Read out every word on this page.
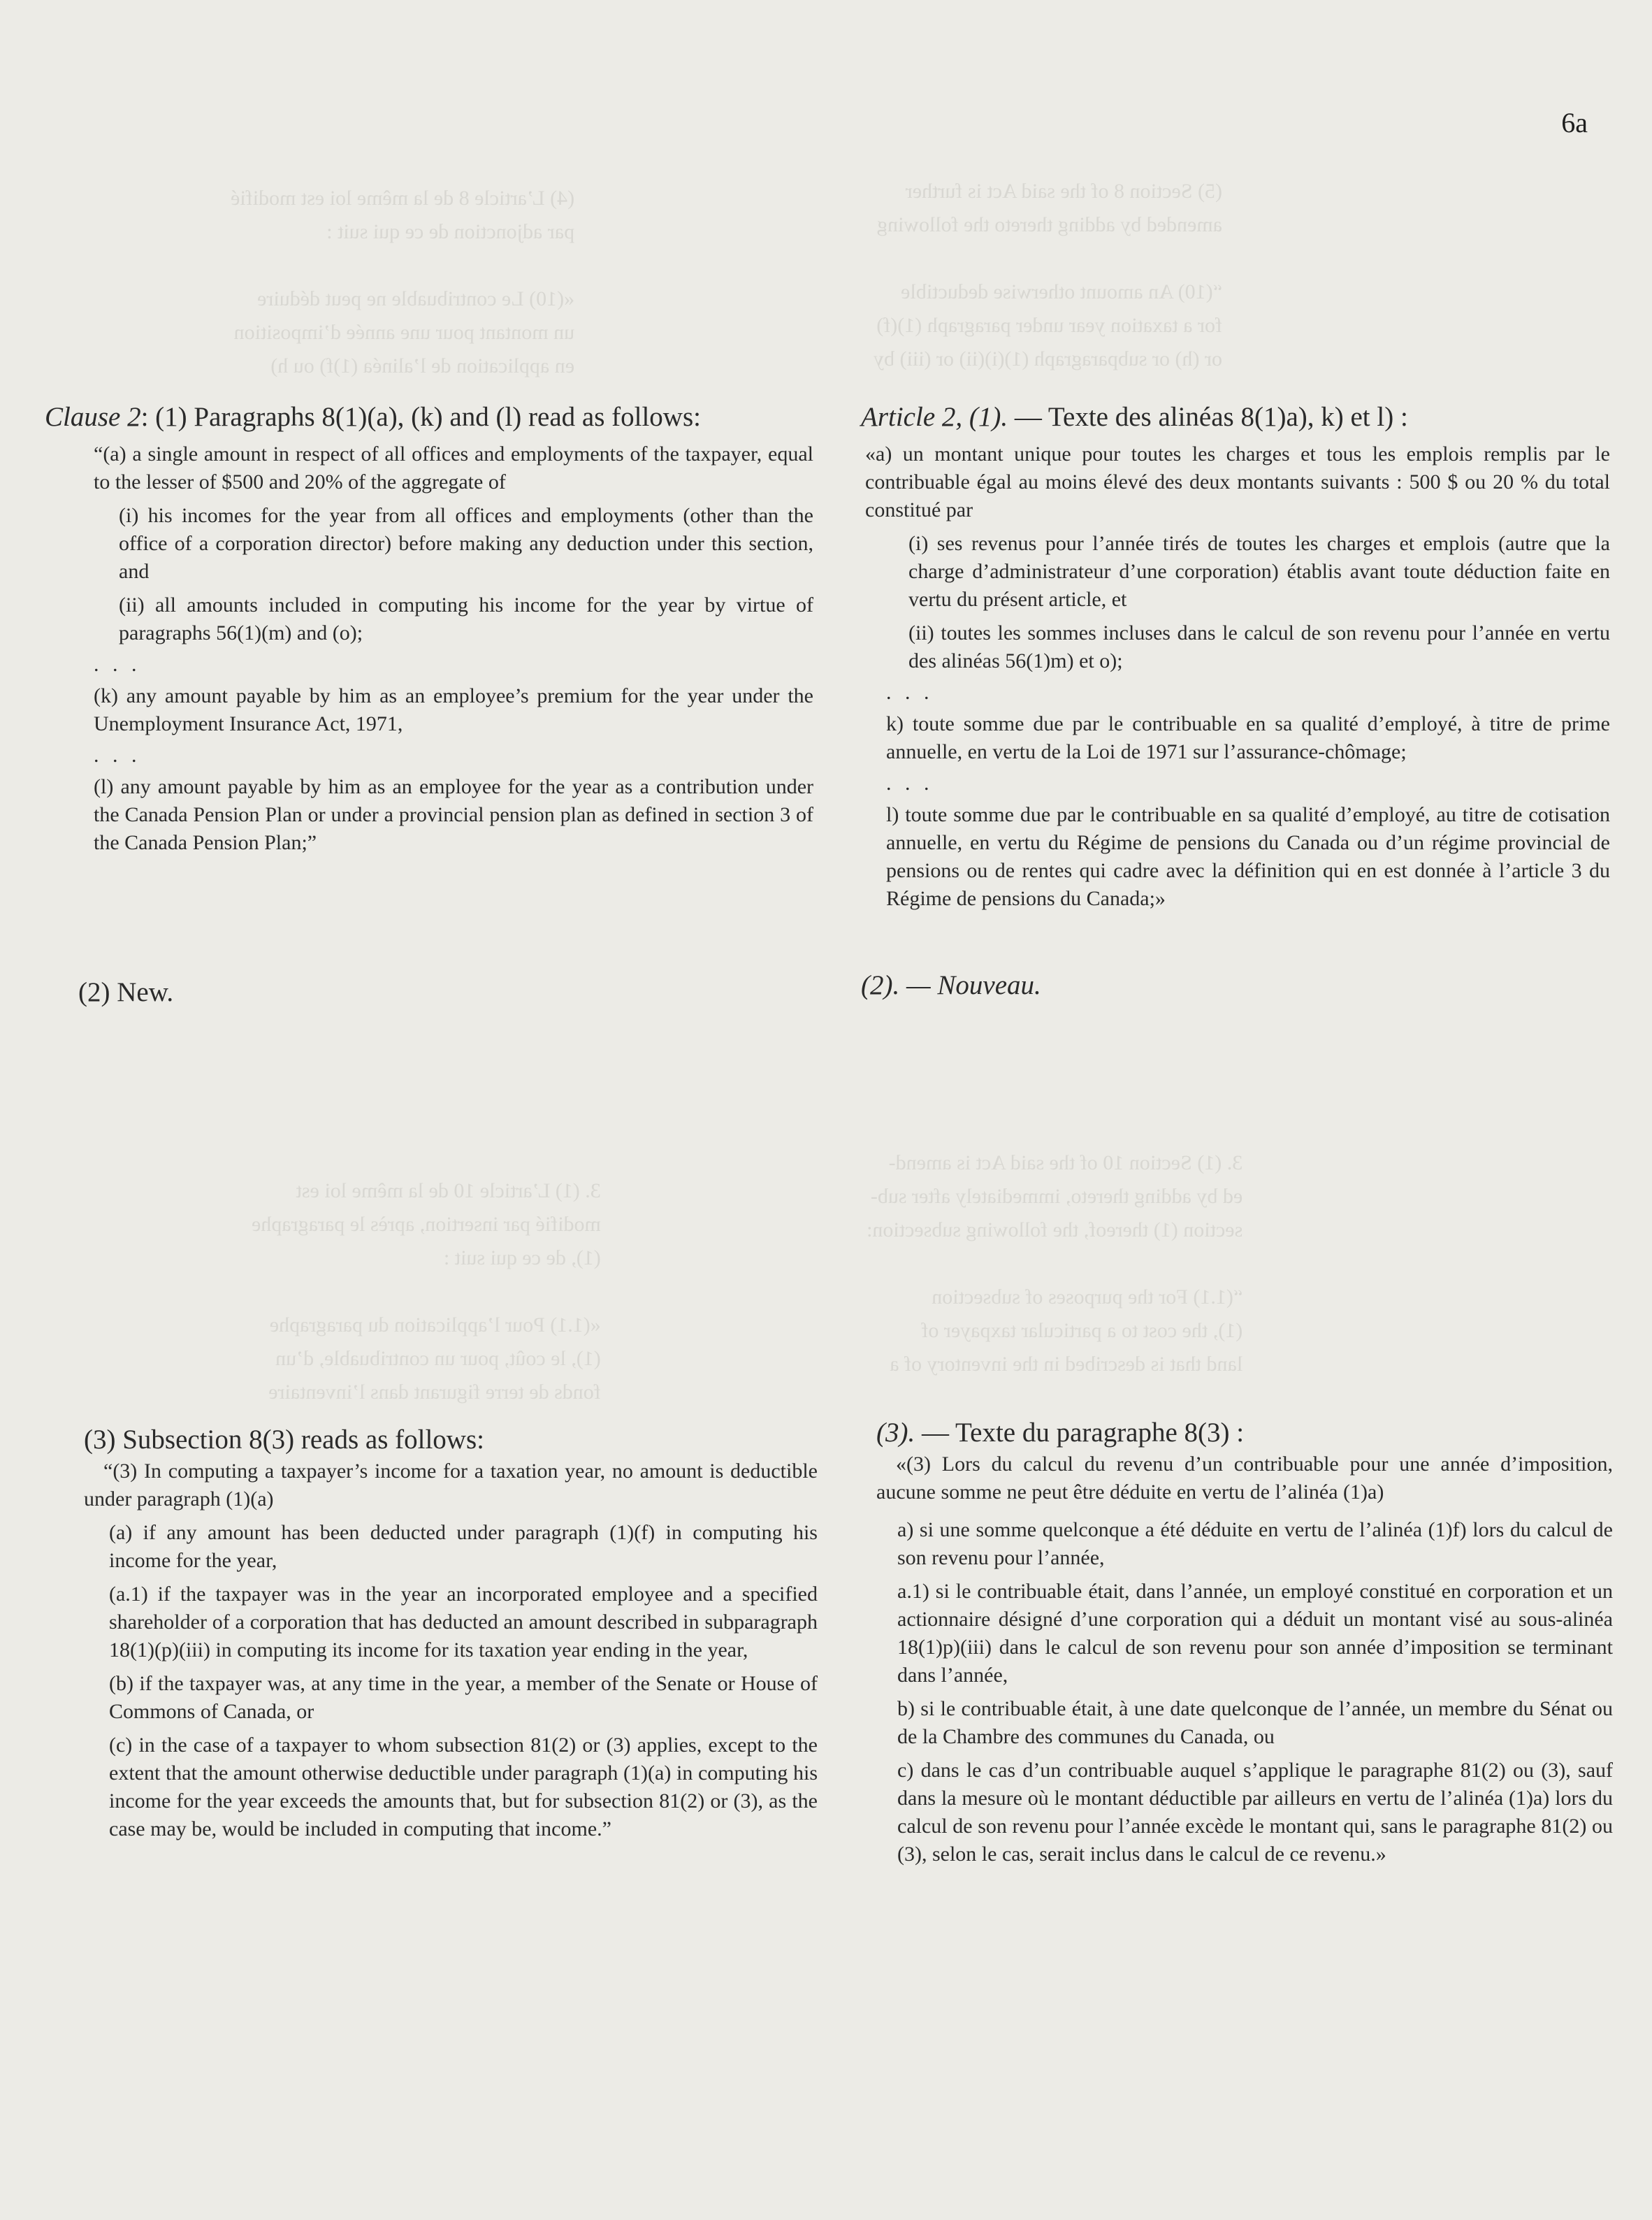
(5) Section 8 of the said Act is further
amended by adding thereto the following

“(10) An amount otherwise deductible
for a taxation year under paragraph (1)(f)
or (h) or subparagraph (1)(i)(ii) or (iii) by
(4) L’article 8 de la même loi est modifié
par adjonction de ce qui suit :

«(10) Le contribuable ne peut déduire
un montant pour une année d’imposition
en application de l’alinéa (1)f) ou h)
3. (1) Section 10 of the said Act is amend-
ed by adding thereto, immediately after sub-
section (1) thereof, the following subsection:

“(1.1) For the purposes of subsection
(1), the cost to a particular taxpayer of
land that is described in the inventory of a
3. (1) L’article 10 de la même loi est
modifié par insertion, après le paragraphe
(1), de ce qui suit :

«(1.1) Pour l’application du paragraphe
(1), le coût, pour un contribuable, d’un
fonds de terre figurant dans l’inventaire
6a

Clause 2: (1) Paragraphs 8(1)(a), (k) and (l) read as follows:

“(a) a single amount in respect of all offices and employments of the taxpayer, equal to the lesser of $500 and 20% of the aggregate of

(i) his incomes for the year from all offices and employments (other than the office of a corporation director) before making any deduction under this section, and

(ii) all amounts included in computing his income for the year by virtue of paragraphs 56(1)(m) and (o);

. . .

(k) any amount payable by him as an employee’s premium for the year under the Unemployment Insurance Act, 1971,

. . .

(l) any amount payable by him as an employee for the year as a contribution under the Canada Pension Plan or under a provincial pension plan as defined in section 3 of the Canada Pension Plan;”

(2) New.

Article 2, (1). — Texte des alinéas 8(1)a), k) et l) :

«a) un montant unique pour toutes les charges et tous les emplois remplis par le contribuable égal au moins élevé des deux montants suivants : 500 $ ou 20 % du total constitué par

(i) ses revenus pour l’année tirés de toutes les charges et emplois (autre que la charge d’administrateur d’une corporation) établis avant toute déduction faite en vertu du présent article, et

(ii) toutes les sommes incluses dans le calcul de son revenu pour l’année en vertu des alinéas 56(1)m) et o);

. . .

k) toute somme due par le contribuable en sa qualité d’employé, à titre de prime annuelle, en vertu de la Loi de 1971 sur l’assurance-chômage;

. . .

l) toute somme due par le contribuable en sa qualité d’employé, au titre de cotisation annuelle, en vertu du Régime de pensions du Canada ou d’un régime provincial de pensions ou de rentes qui cadre avec la définition qui en est donnée à l’article 3 du Régime de pensions du Canada;»

(2). — Nouveau.

(3) Subsection 8(3) reads as follows:

“(3) In computing a taxpayer’s income for a taxation year, no amount is deductible under paragraph (1)(a)

(a) if any amount has been deducted under paragraph (1)(f) in computing his income for the year,

(a.1) if the taxpayer was in the year an incorporated employee and a specified shareholder of a corporation that has deducted an amount described in subparagraph 18(1)(p)(iii) in computing its income for its taxation year ending in the year,

(b) if the taxpayer was, at any time in the year, a member of the Senate or House of Commons of Canada, or

(c) in the case of a taxpayer to whom subsection 81(2) or (3) applies, except to the extent that the amount otherwise deductible under paragraph (1)(a) in computing his income for the year exceeds the amounts that, but for subsection 81(2) or (3), as the case may be, would be included in computing that income.”

(3). — Texte du paragraphe 8(3) :

«(3) Lors du calcul du revenu d’un contribuable pour une année d’imposition, aucune somme ne peut être déduite en vertu de l’alinéa (1)a)

a) si une somme quelconque a été déduite en vertu de l’alinéa (1)f) lors du calcul de son revenu pour l’année,

a.1) si le contribuable était, dans l’année, un employé constitué en corporation et un actionnaire désigné d’une corporation qui a déduit un montant visé au sous-alinéa 18(1)p)(iii) dans le calcul de son revenu pour son année d’imposition se terminant dans l’année,

b) si le contribuable était, à une date quelconque de l’année, un membre du Sénat ou de la Chambre des communes du Canada, ou

c) dans le cas d’un contribuable auquel s’applique le paragraphe 81(2) ou (3), sauf dans la mesure où le montant déductible par ailleurs en vertu de l’alinéa (1)a) lors du calcul de son revenu pour l’année excède le montant qui, sans le paragraphe 81(2) ou (3), selon le cas, serait inclus dans le calcul de ce revenu.»
